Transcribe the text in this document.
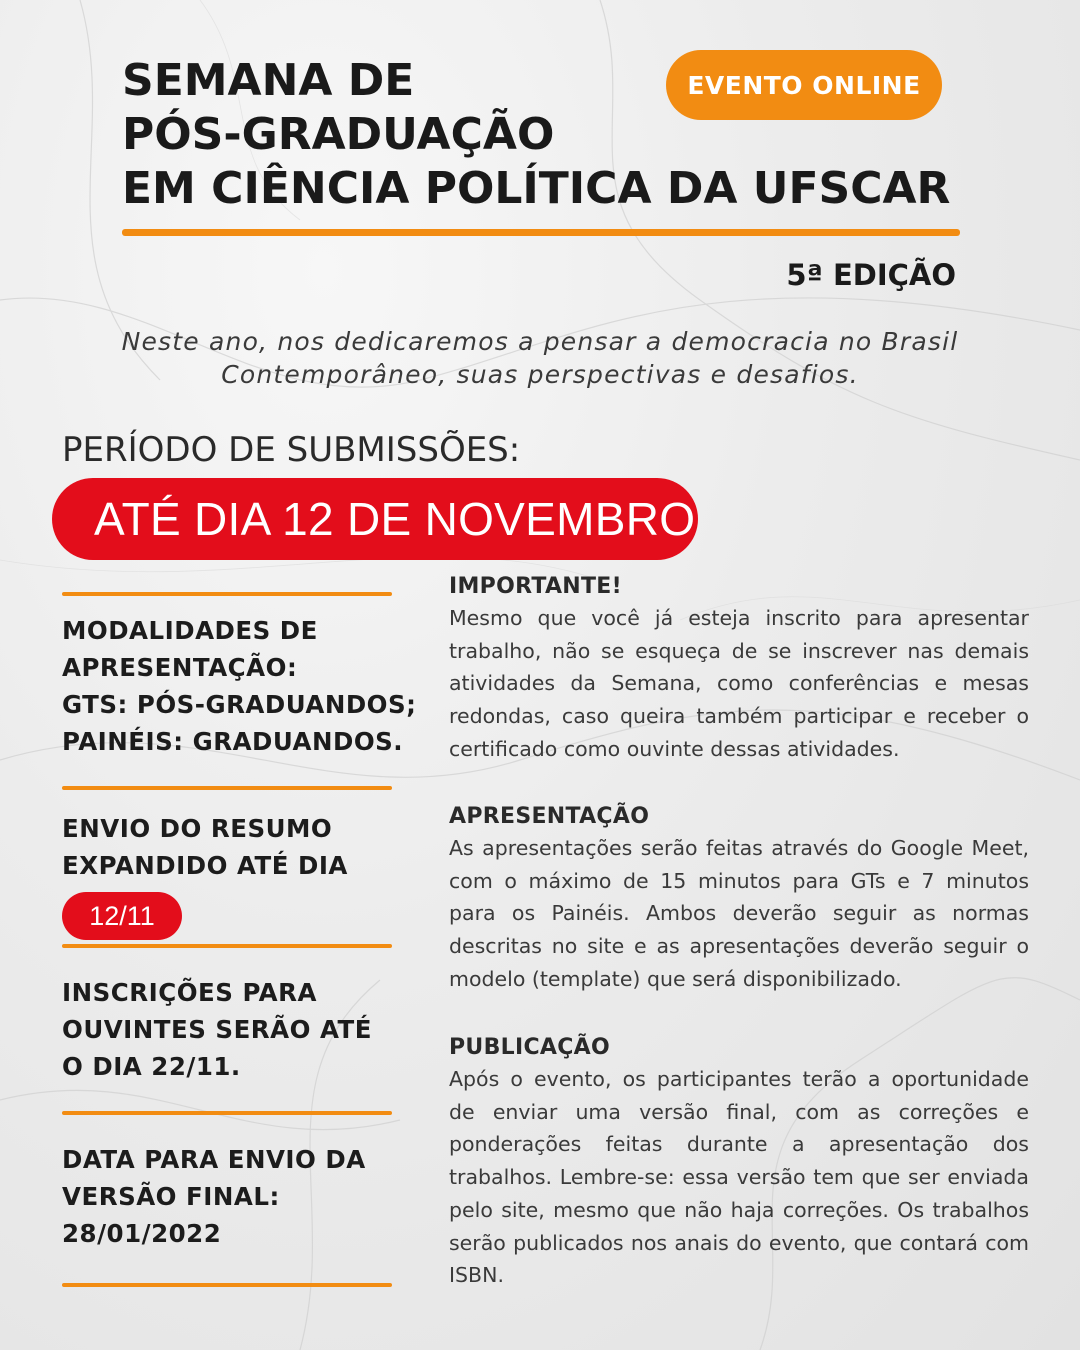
SEMANA DE
PÓS-GRADUAÇÃO
EM CIÊNCIA POLÍTICA DA UFSCAR
EVENTO ONLINE
5ª EDIÇÃO
Neste ano, nos dedicaremos a pensar a democracia no Brasil
Contemporâneo, suas perspectivas e desafios.
PERÍODO DE SUBMISSÕES:
ATÉ DIA 12 DE NOVEMBRO
MODALIDADES DE
APRESENTAÇÃO:
GTS: PÓS-GRADUANDOS;
PAINÉIS: GRADUANDOS.
ENVIO DO RESUMO
EXPANDIDO ATÉ DIA
12/11
INSCRIÇÕES PARA
OUVINTES SERÃO ATÉ
O DIA 22/11.
DATA PARA ENVIO DA
VERSÃO FINAL:
28/01/2022
IMPORTANTE!

Mesmo que você já esteja inscrito para apresentar trabalho, não se esqueça de se inscrever nas demais atividades da Semana, como conferências e mesas redondas, caso queira também participar e receber o certificado como ouvinte dessas atividades.

APRESENTAÇÃO

As apresentações serão feitas através do Google Meet, com o máximo de 15 minutos para GTs e 7 minutos para os Painéis. Ambos deverão seguir as normas descritas no site e as apresentações deverão seguir o modelo (template) que será disponibilizado.

PUBLICAÇÃO

Após o evento, os participantes terão a oportunidade de enviar uma versão final, com as correções e ponderações feitas durante a apresentação dos trabalhos. Lembre-se: essa versão tem que ser enviada pelo site, mesmo que não haja correções. Os trabalhos serão publicados nos anais do evento, que contará com ISBN.
